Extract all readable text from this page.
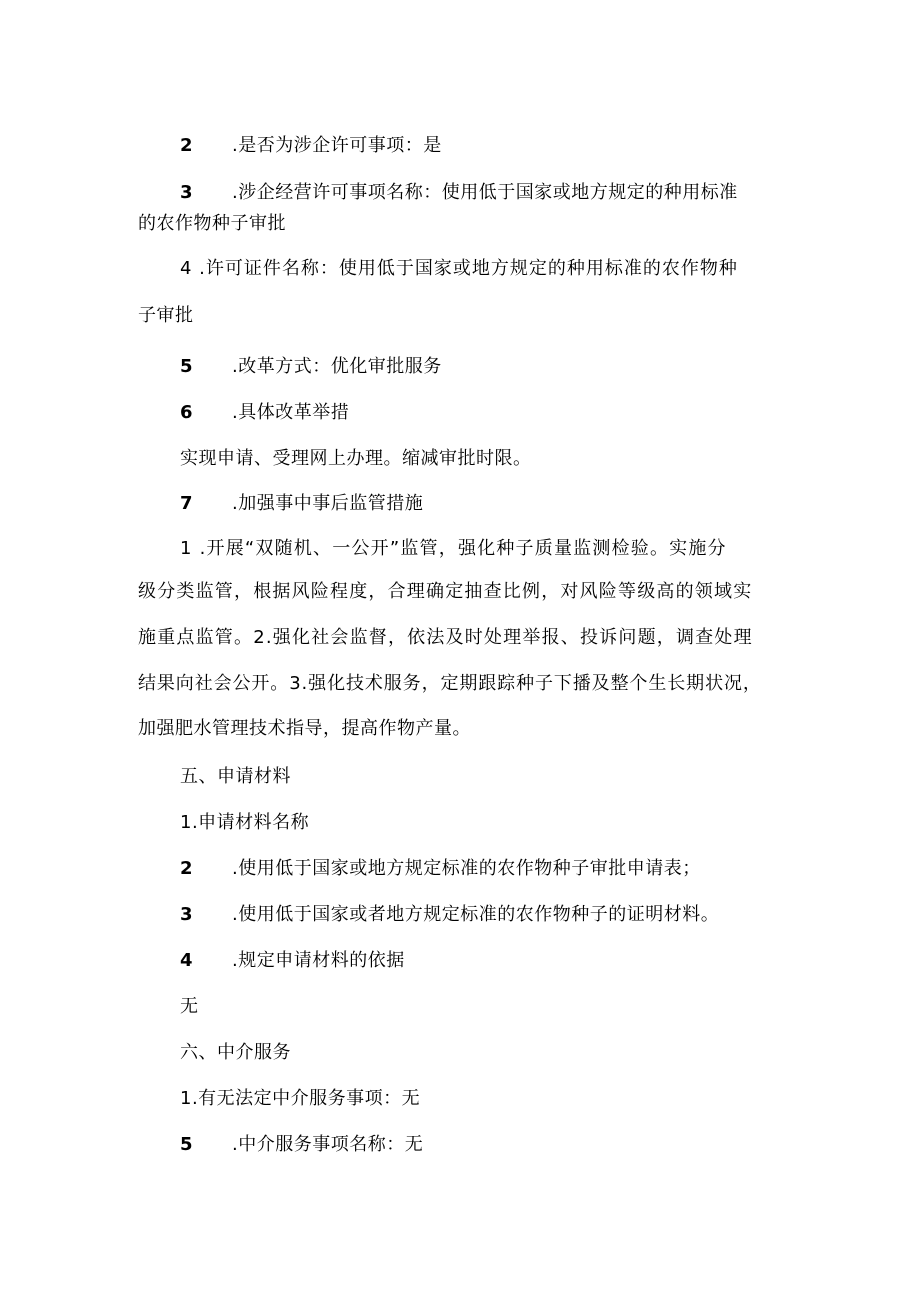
2	.是否为涉企许可事项：是
3	.涉企经营许可事项名称：使用低于国家或地方规定的种用标准
的农作物种子审批
4 .许可证件名称：使用低于国家或地方规定的种用标准的农作物种
子审批
5	.改革方式：优化审批服务
6	.具体改革举措
实现申请、受理网上办理。缩减审批时限。
7	.加强事中事后监管措施
1 .开展“双随机、一公开”监管，强化种子质量监测检验。实施分
级分类监管，根据风险程度，合理确定抽查比例，对风险等级高的领域实
施重点监管。2.强化社会监督，依法及时处理举报、投诉问题，调查处理
结果向社会公开。3.强化技术服务，定期跟踪种子下播及整个生长期状况，
加强肥水管理技术指导，提高作物产量。
五、申请材料
1.申请材料名称
2	.使用低于国家或地方规定标准的农作物种子审批申请表；
3	.使用低于国家或者地方规定标准的农作物种子的证明材料。
4	.规定申请材料的依据
无
六、中介服务
1.有无法定中介服务事项：无
5	.中介服务事项名称：无
